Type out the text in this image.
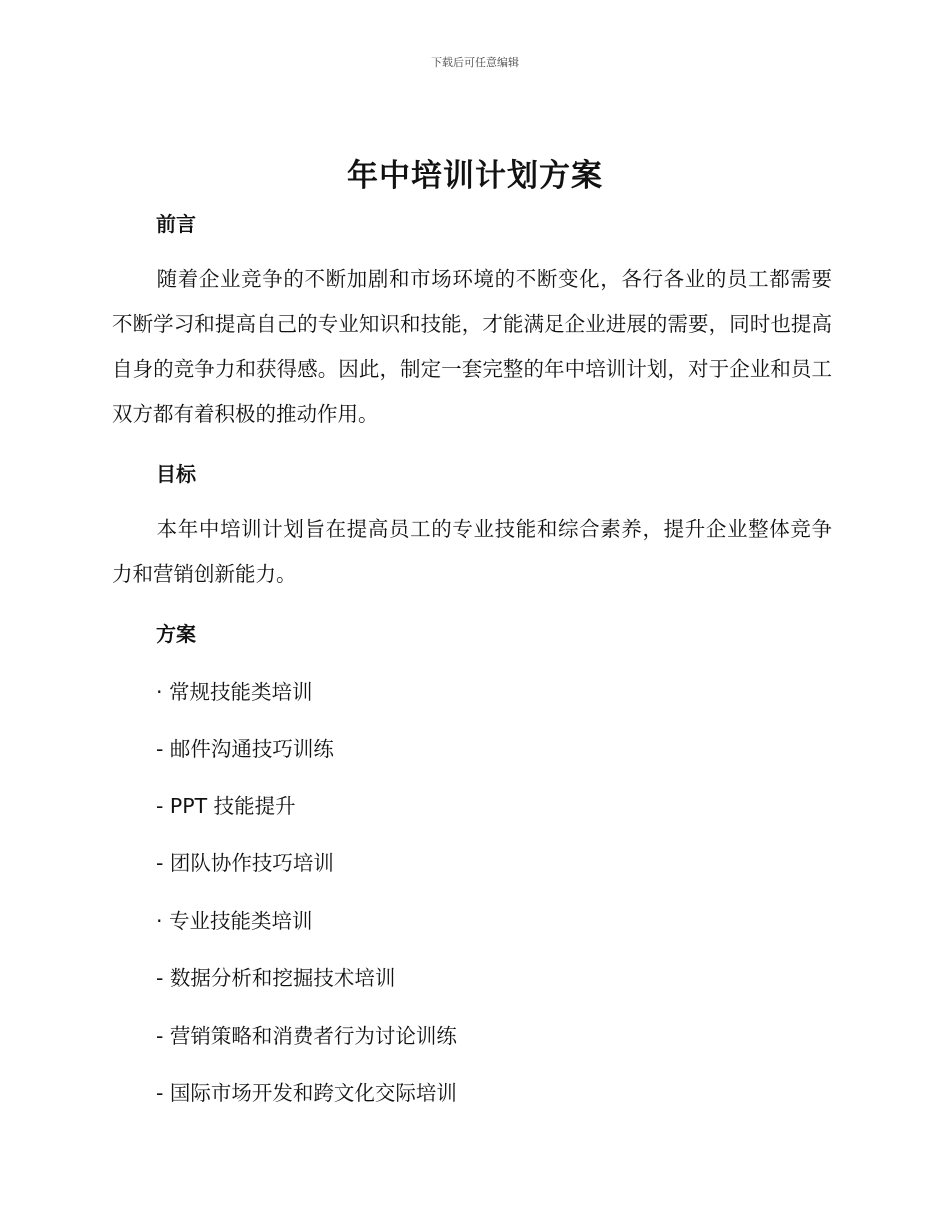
下载后可任意编辑
年中培训计划方案
前言
随着企业竞争的不断加剧和市场环境的不断变化，各行各业的员工都需要不断学习和提高自己的专业知识和技能，才能满足企业进展的需要，同时也提高自身的竞争力和获得感。因此，制定一套完整的年中培训计划，对于企业和员工双方都有着积极的推动作用。
目标
本年中培训计划旨在提高员工的专业技能和综合素养，提升企业整体竞争力和营销创新能力。
方案
· 常规技能类培训
- 邮件沟通技巧训练
- PPT 技能提升
- 团队协作技巧培训
· 专业技能类培训
- 数据分析和挖掘技术培训
- 营销策略和消费者行为讨论训练
- 国际市场开发和跨文化交际培训
